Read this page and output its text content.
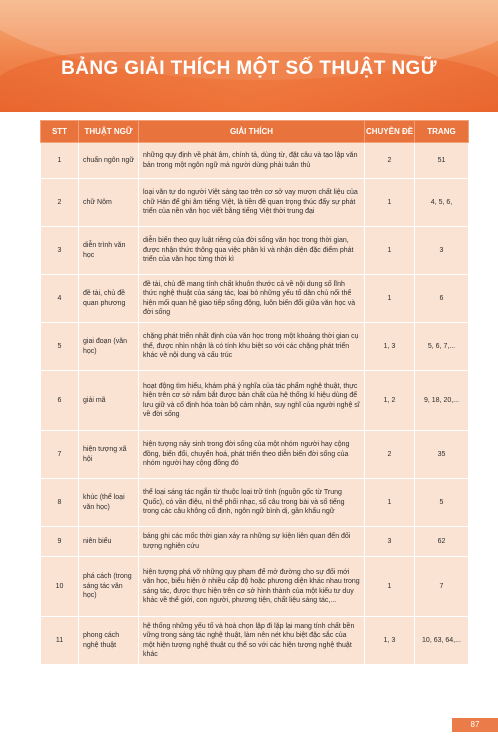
BẢNG GIẢI THÍCH MỘT SỐ THUẬT NGỮ
STT	THUẬT NGỮ	GIẢI THÍCH	CHUYÊN ĐỀ	TRANG
1	chuẩn ngôn ngữ	những quy định về phát âm, chính tả, dùng từ, đặt câu và tạo lập văn bản trong một ngôn ngữ mà người dùng phải tuân thủ	2	51
2	chữ Nôm	loại văn tự do người Việt sáng tạo trên cơ sở vay mượn chất liệu của chữ Hán để ghi âm tiếng Việt, là tiền đề quan trọng thúc đẩy sự phát triển của nền văn học viết bằng tiếng Việt thời trung đại	1	4, 5, 6,
3	diễn trình văn học	diễn biến theo quy luật riêng của đời sống văn học trong thời gian, được nhận thức thông qua việc phân kì và nhận diện đặc điểm phát triển của văn học từng thời kì	1	3
4	đề tài, chủ đề quan phương	đề tài, chủ đề mang tính chất khuôn thước cả về nội dung số lĩnh thức nghệ thuật của sáng tác, loại bỏ những yếu tố dân chủ nổi thể hiện mối quan hệ giao tiếp sống động, luôn biến đổi giữa văn học và đời sống	1	6
5	giai đoạn (văn học)	chặng phát triển nhất định của văn học trong một khoảng thời gian cụ thể, được nhìn nhận là có tính khu biệt so với các chặng phát triển khác về nội dung và cấu trúc	1, 3	5, 6, 7,...
6	giải mã	hoạt động tìm hiểu, khám phá ý nghĩa của tác phẩm nghệ thuật, thực hiện trên cơ sở nắm bắt được bản chất của hệ thống kí hiệu dùng để lưu giữ và cố định hóa toàn bộ cảm nhận, suy nghĩ của người nghệ sĩ về đời sống	1, 2	9, 18, 20,...
7	hiện tượng xã hội	hiện tượng nảy sinh trong đời sống của một nhóm người hay cộng đồng, biến đổi, chuyển hoá, phát triển theo diễn biến đời sống của nhóm người hay cộng đồng đó	2	35
8	khúc (thể loại văn học)	thể loại sáng tác ngắn từ thuộc loại trữ tình (nguồn gốc từ Trung Quốc), có vần điệu, nỉ thể phối nhạc, số câu trong bài và số tiếng trong các câu không cố định, ngôn ngữ bình dị, gần khẩu ngữ	1	5
9	niên biểu	bảng ghi các mốc thời gian xảy ra những sự kiện liên quan đến đối tượng nghiên cứu	3	62
10	phá cách (trong sáng tác văn học)	hiện tượng phá vỡ những quy phạm để mở đường cho sự đổi mới văn học, biểu hiện ở nhiều cấp độ hoặc phương diện khác nhau trong sáng tác, được thực hiện trên cơ sở hình thành của một kiểu tư duy khác về thể giới, con người, phương tiện, chất liệu sáng tác,...	1	7
11	phong cách nghệ thuật	hệ thống những yếu tố và hoà chọn lặp đi lặp lại mang tính chất bền vững trong sáng tác nghệ thuật, làm nên nét khu biệt đặc sắc của một hiện tượng nghệ thuật cụ thể so với các hiện tượng nghệ thuật khác	1, 3	10, 63, 64,...
87
